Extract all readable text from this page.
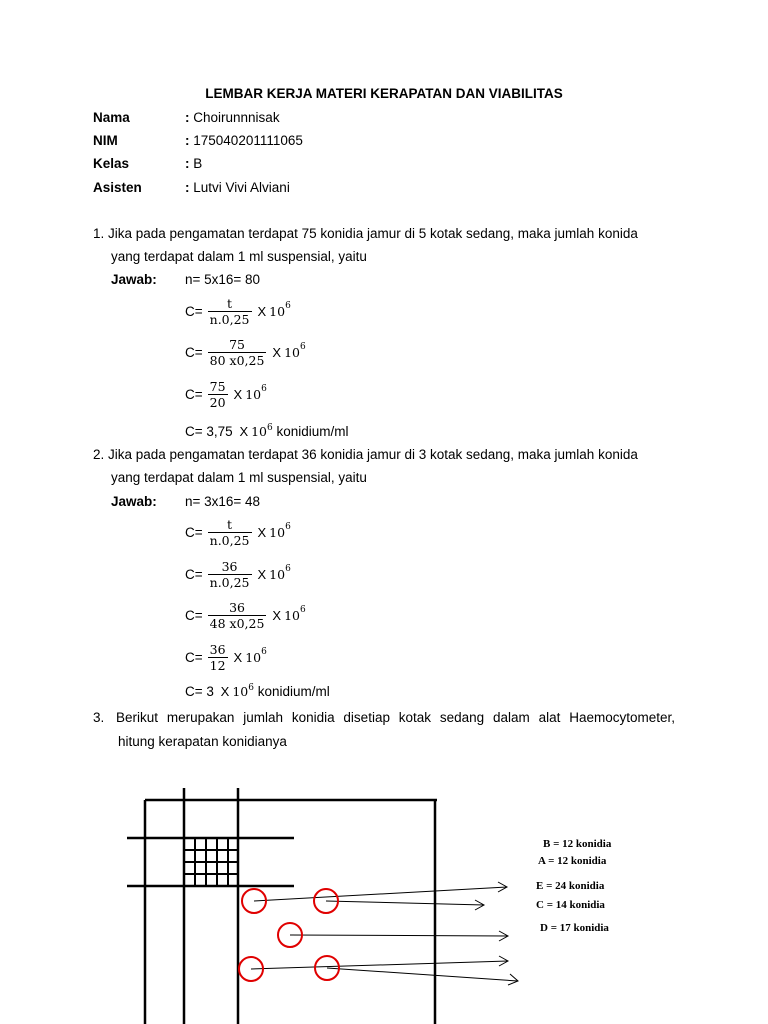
LEMBAR KERJA MATERI KERAPATAN DAN VIABILITAS
Nama	: Choirunnnisak
NIM	: 175040201111065
Kelas	: B
Asisten	: Lutvi Vivi Alviani
1. Jika pada pengamatan terdapat 75 konidia jamur di 5 kotak sedang, maka jumlah konida
yang terdapat dalam 1 ml suspensial, yaitu
Jawab: n= 5x16= 80
$C= \frac{t}{n.0,25}$ X 10 6
$C= \frac{75}{80 x0,25}$ X 10 6
$C= \frac{75}{20}$ X 10 6
C= 3,75 X $10^6$ konidium/ml
2. Jika pada pengamatan terdapat 36 konidia jamur di 3 kotak sedang, maka jumlah konida
yang terdapat dalam 1 ml suspensial, yaitu
Jawab: n= 3x16= 48
$C= \frac{t}{n.0,25}$ X 10 6
$C= \frac{36}{n.0,25}$ X 10 6
$C= \frac{36}{48 x0,25}$ X 10 6
$C= \frac{36}{12}$ X 10 6
C= 3 X $10^6$ konidium/ml
3. Berikut merupakan jumlah konidia disetiap kotak sedang dalam alat Haemocytometer,
hitung kerapatan konidianya
B = 12 konidia
A = 12 konidia
E = 24 konidia
C = 14 konidia
D = 17 konidia
